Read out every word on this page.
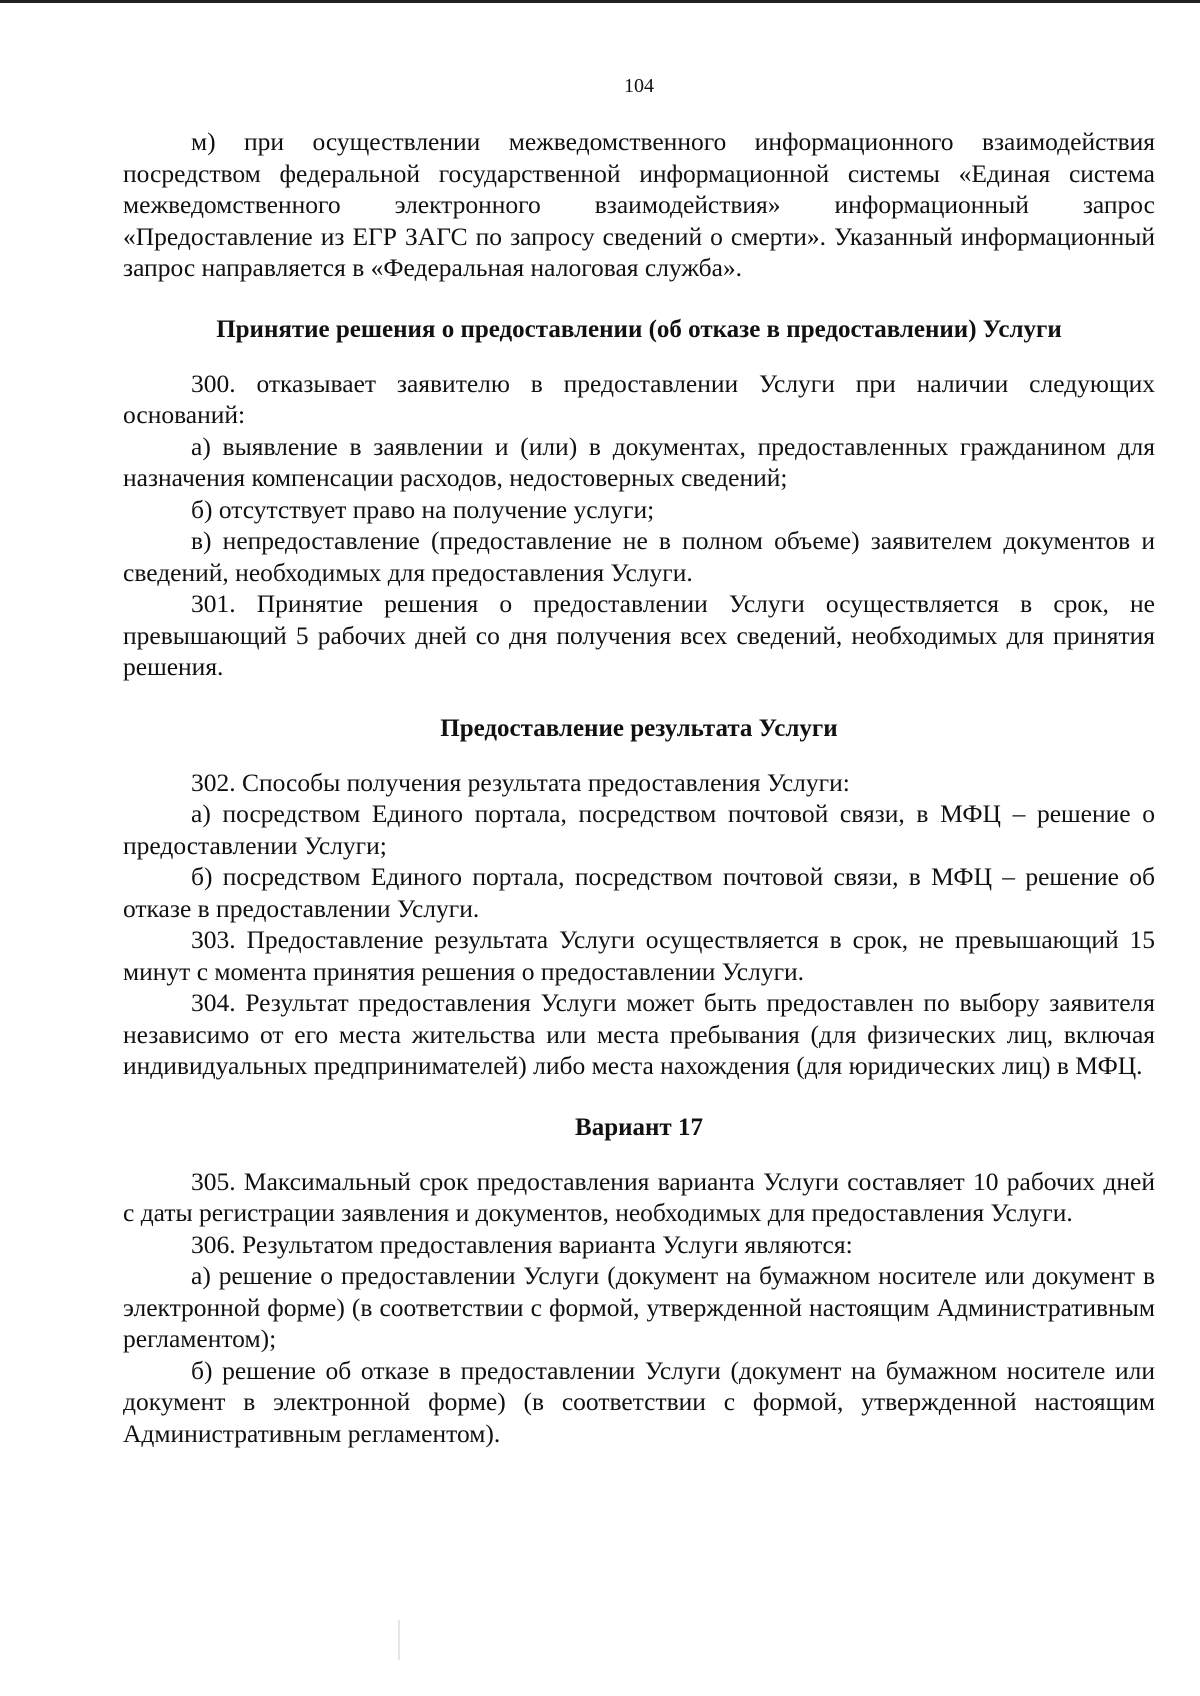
104

м) при осуществлении межведомственного информационного взаимодействия посредством федеральной государственной информационной системы «Единая система межведомственного электронного взаимодействия» информационный запрос «Предоставление из ЕГР ЗАГС по запросу сведений о смерти». Указанный информационный запрос направляется в «Федеральная налоговая служба».

Принятие решения о предоставлении (об отказе в предоставлении) Услуги

300. отказывает заявителю в предоставлении Услуги при наличии следующих оснований:

а) выявление в заявлении и (или) в документах, предоставленных гражданином для назначения компенсации расходов, недостоверных сведений;

б) отсутствует право на получение услуги;

в) непредоставление (предоставление не в полном объеме) заявителем документов и сведений, необходимых для предоставления Услуги.

301. Принятие решения о предоставлении Услуги осуществляется в срок, не превышающий 5 рабочих дней со дня получения всех сведений, необходимых для принятия решения.

Предоставление результата Услуги

302. Способы получения результата предоставления Услуги:

а) посредством Единого портала, посредством почтовой связи, в МФЦ – решение о предоставлении Услуги;

б) посредством Единого портала, посредством почтовой связи, в МФЦ – решение об отказе в предоставлении Услуги.

303. Предоставление результата Услуги осуществляется в срок, не превышающий 15 минут с момента принятия решения о предоставлении Услуги.

304. Результат предоставления Услуги может быть предоставлен по выбору заявителя независимо от его места жительства или места пребывания (для физических лиц, включая индивидуальных предпринимателей) либо места нахождения (для юридических лиц) в МФЦ.

Вариант 17

305. Максимальный срок предоставления варианта Услуги составляет 10 рабочих дней с даты регистрации заявления и документов, необходимых для предоставления Услуги.

306. Результатом предоставления варианта Услуги являются:

а) решение о предоставлении Услуги (документ на бумажном носителе или документ в электронной форме) (в соответствии с формой, утвержденной настоящим Административным регламентом);

б) решение об отказе в предоставлении Услуги (документ на бумажном носителе или документ в электронной форме) (в соответствии с формой, утвержденной настоящим Административным регламентом).
